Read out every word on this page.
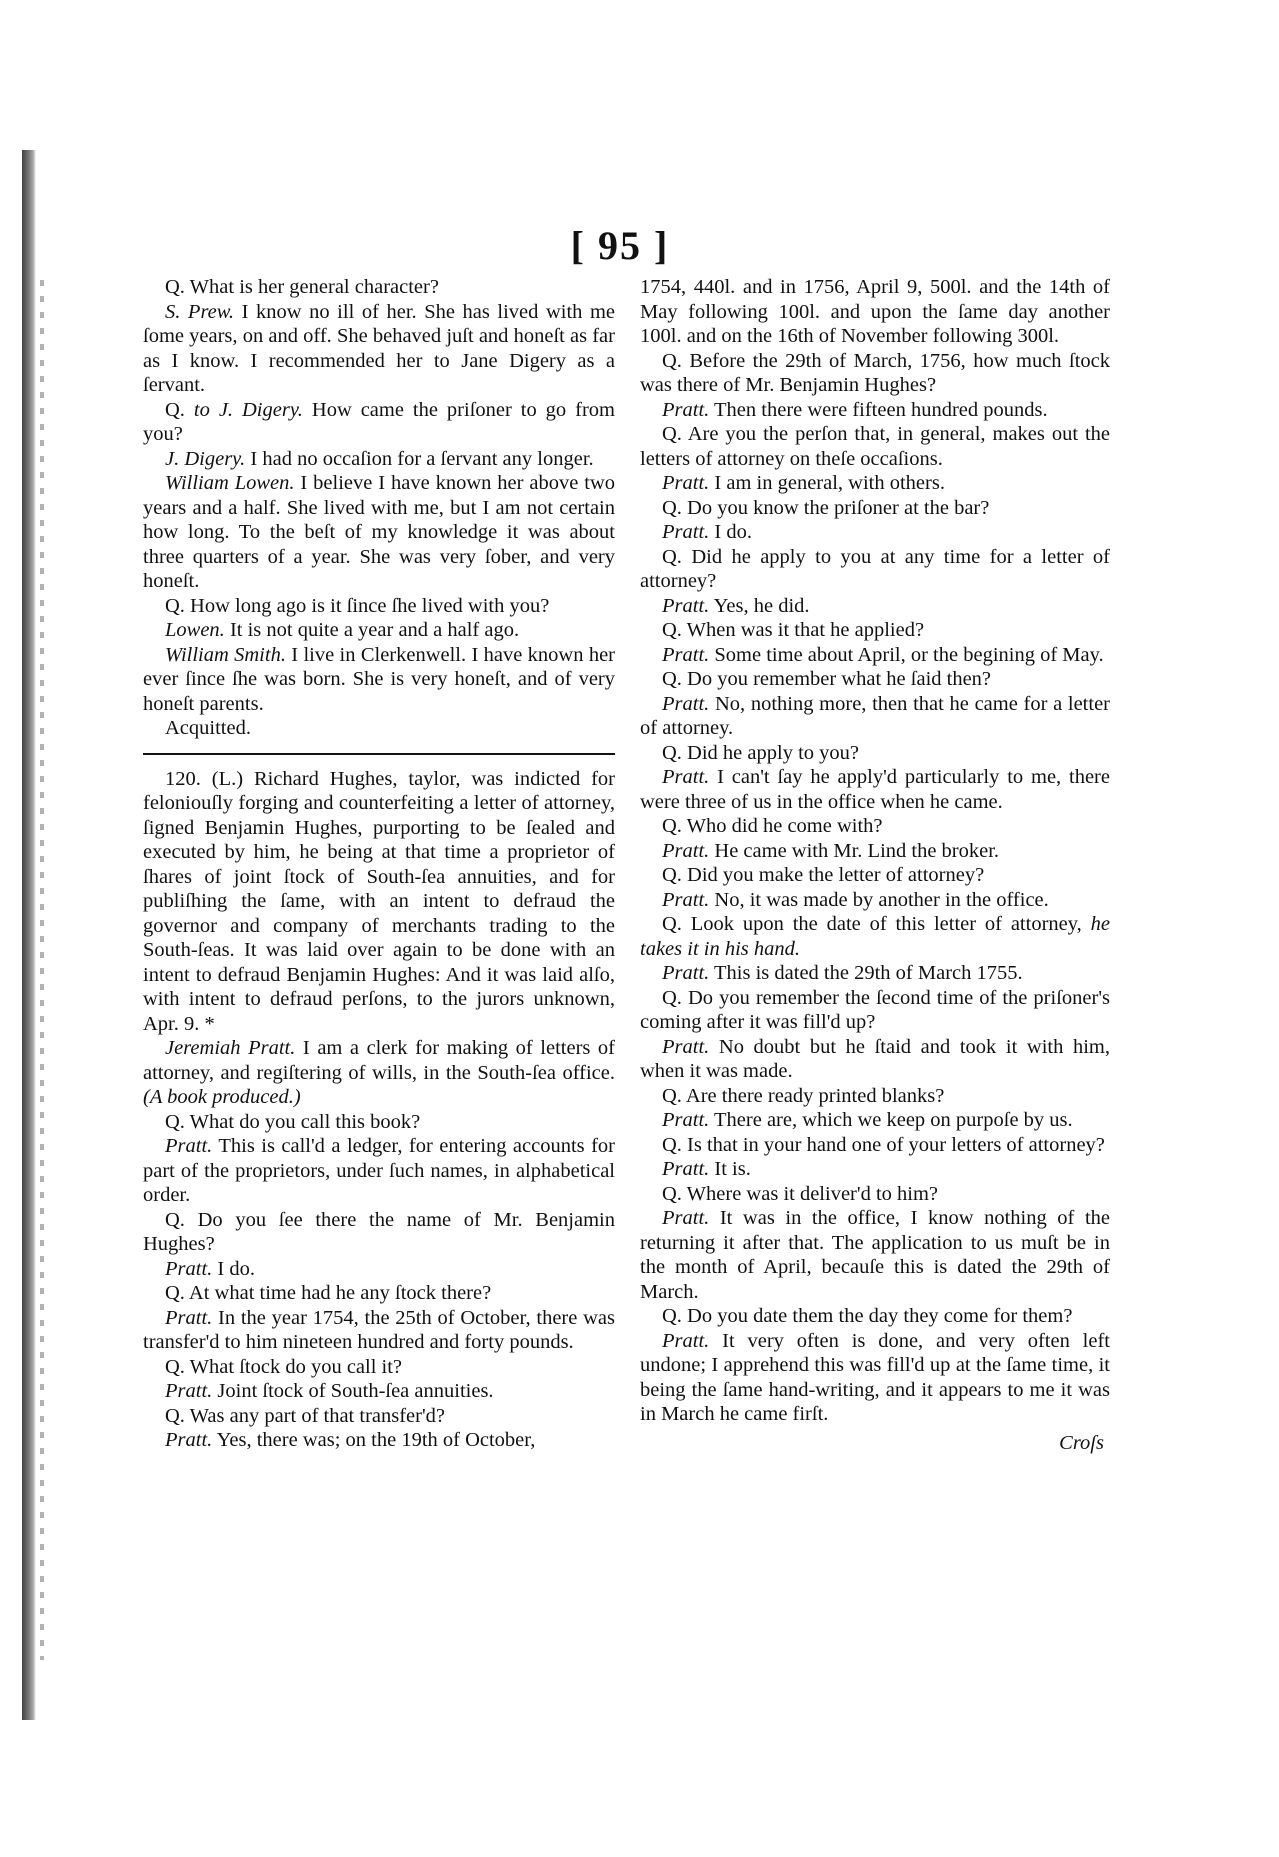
[ 95 ]

Q. What is her general character?

S. Prew. I know no ill of her. She has lived with me ſome years, on and off. She behaved juſt and honeſt as far as I know. I recommended her to Jane Digery as a ſervant.

Q. to J. Digery. How came the priſoner to go from you?

J. Digery. I had no occaſion for a ſervant any longer.

William Lowen. I believe I have known her above two years and a half. She lived with me, but I am not certain how long. To the beſt of my knowledge it was about three quarters of a year. She was very ſober, and very honeſt.

Q. How long ago is it ſince ſhe lived with you?

Lowen. It is not quite a year and a half ago.

William Smith. I live in Clerkenwell. I have known her ever ſince ſhe was born. She is very honeſt, and of very honeſt parents.

Acquitted.

120. (L.) Richard Hughes, taylor, was indicted for feloniouſly forging and counterfeiting a letter of attorney, ſigned Benjamin Hughes, purporting to be ſealed and executed by him, he being at that time a proprietor of ſhares of joint ſtock of South-ſea annuities, and for publiſhing the ſame, with an intent to defraud the governor and company of merchants trading to the South-ſeas. It was laid over again to be done with an intent to defraud Benjamin Hughes: And it was laid alſo, with intent to defraud perſons, to the jurors unknown, Apr. 9. *

Jeremiah Pratt. I am a clerk for making of letters of attorney, and regiſtering of wills, in the South-ſea office. (A book produced.)

Q. What do you call this book?

Pratt. This is call'd a ledger, for entering accounts for part of the proprietors, under ſuch names, in alphabetical order.

Q. Do you ſee there the name of Mr. Benjamin Hughes?

Pratt. I do.

Q. At what time had he any ſtock there?

Pratt. In the year 1754, the 25th of October, there was transfer'd to him nineteen hundred and forty pounds.

Q. What ſtock do you call it?

Pratt. Joint ſtock of South-ſea annuities.

Q. Was any part of that transfer'd?

Pratt. Yes, there was; on the 19th of October,

1754, 440l. and in 1756, April 9, 500l. and the 14th of May following 100l. and upon the ſame day another 100l. and on the 16th of November following 300l.

Q. Before the 29th of March, 1756, how much ſtock was there of Mr. Benjamin Hughes?

Pratt. Then there were fifteen hundred pounds.

Q. Are you the perſon that, in general, makes out the letters of attorney on theſe occaſions.

Pratt. I am in general, with others.

Q. Do you know the priſoner at the bar?

Pratt. I do.

Q. Did he apply to you at any time for a letter of attorney?

Pratt. Yes, he did.

Q. When was it that he applied?

Pratt. Some time about April, or the begining of May.

Q. Do you remember what he ſaid then?

Pratt. No, nothing more, then that he came for a letter of attorney.

Q. Did he apply to you?

Pratt. I can't ſay he apply'd particularly to me, there were three of us in the office when he came.

Q. Who did he come with?

Pratt. He came with Mr. Lind the broker.

Q. Did you make the letter of attorney?

Pratt. No, it was made by another in the office.

Q. Look upon the date of this letter of attorney, he takes it in his hand.

Pratt. This is dated the 29th of March 1755.

Q. Do you remember the ſecond time of the priſoner's coming after it was fill'd up?

Pratt. No doubt but he ſtaid and took it with him, when it was made.

Q. Are there ready printed blanks?

Pratt. There are, which we keep on purpoſe by us.

Q. Is that in your hand one of your letters of attorney?

Pratt. It is.

Q. Where was it deliver'd to him?

Pratt. It was in the office, I know nothing of the returning it after that. The application to us muſt be in the month of April, becauſe this is dated the 29th of March.

Q. Do you date them the day they come for them?

Pratt. It very often is done, and very often left undone; I apprehend this was fill'd up at the ſame time, it being the ſame hand-writing, and it appears to me it was in March he came firſt.

Croſs
